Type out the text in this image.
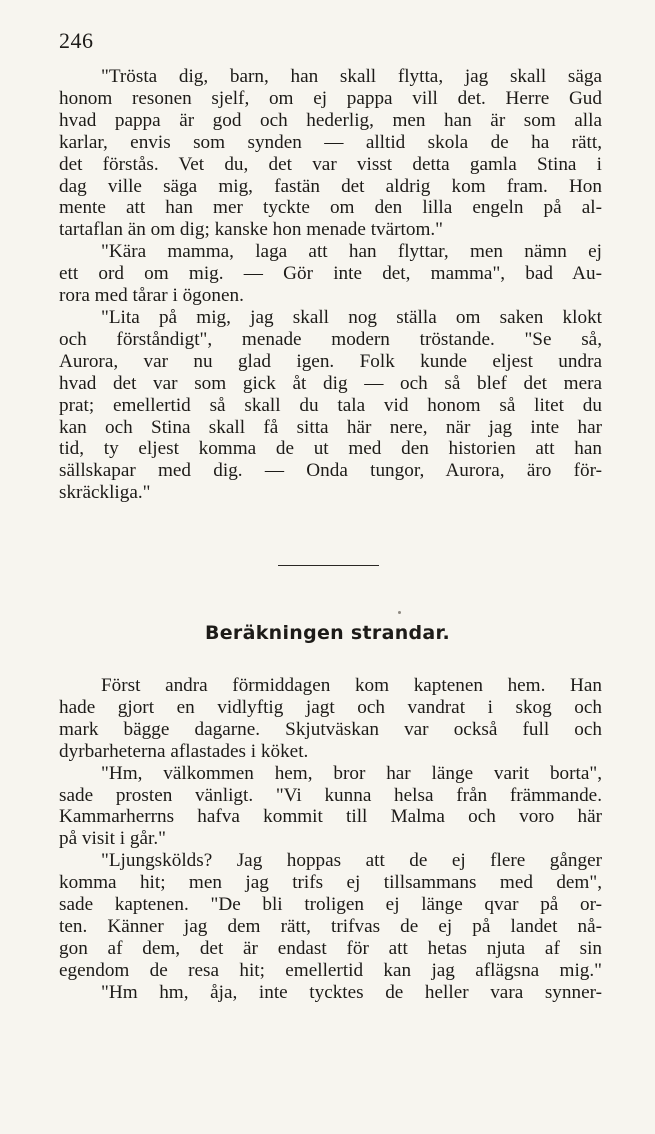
246
"Trösta dig, barn, han skall flytta, jag skall säga
honom resonen sjelf, om ej pappa vill det. Herre Gud
hvad pappa är god och hederlig, men han är som alla
karlar, envis som synden — alltid skola de ha rätt,
det förstås. Vet du, det var visst detta gamla Stina i
dag ville säga mig, fastän det aldrig kom fram. Hon
mente att han mer tyckte om den lilla engeln på al-
tartaflan än om dig; kanske hon menade tvärtom."
"Kära mamma, laga att han flyttar, men nämn ej
ett ord om mig. — Gör inte det, mamma", bad Au-
rora med tårar i ögonen.
"Lita på mig, jag skall nog ställa om saken klokt
och förståndigt", menade modern tröstande. "Se så,
Aurora, var nu glad igen. Folk kunde eljest undra
hvad det var som gick åt dig — och så blef det mera
prat; emellertid så skall du tala vid honom så litet du
kan och Stina skall få sitta här nere, när jag inte har
tid, ty eljest komma de ut med den historien att han
sällskapar med dig. — Onda tungor, Aurora, äro för-
skräckliga."
Beräkningen strandar.
Först andra förmiddagen kom kaptenen hem. Han
hade gjort en vidlyftig jagt och vandrat i skog och
mark bägge dagarne. Skjutväskan var också full och
dyrbarheterna aflastades i köket.
"Hm, välkommen hem, bror har länge varit borta",
sade prosten vänligt. "Vi kunna helsa från främmande.
Kammarherrns hafva kommit till Malma och voro här
på visit i går."
"Ljungskölds? Jag hoppas att de ej flere gånger
komma hit; men jag trifs ej tillsammans med dem",
sade kaptenen. "De bli troligen ej länge qvar på or-
ten. Känner jag dem rätt, trifvas de ej på landet nå-
gon af dem, det är endast för att hetas njuta af sin
egendom de resa hit; emellertid kan jag aflägsna mig."
"Hm hm, åja, inte tycktes de heller vara synner-
